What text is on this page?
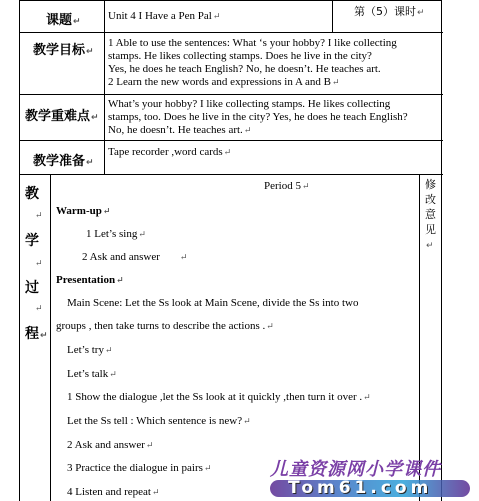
课题↵ Unit 4 I Have a Pen Pal↵	第（5）课时↵
教学目标↵
1 Able to use the sentences: What ‘s your hobby? I like collecting
stamps. He likes collecting stamps. Does he live in the city?
Yes, he does he teach English? No, he doesn’t. He teaches art.
2 Learn the new words and expressions in A and B↵
教学重难点↵
What’s your hobby? I like collecting stamps. He likes collecting
stamps, too. Does he live in the city? Yes, he does he teach English?
No, he doesn’t. He teaches art.↵
教学准备↵
Tape recorder ,word cards↵
教
↵
学
↵
过
↵
程↵
修
改
意
见↵
Period 5↵
Warm-up↵
1 Let’s sing↵
2 Ask and answer ↵
Presentation↵
Main Scene: Let the Ss look at Main Scene, divide the Ss into two
groups , then take turns to describe the actions .↵
Let’s try↵
Let’s talk↵
1 Show the dialogue ,let the Ss look at it quickly ,then turn it over .↵
Let the Ss tell : Which sentence is new?↵
2 Ask and answer↵
3 Practice the dialogue in pairs↵
4 Listen and repeat↵
儿童资源网小学课件
Tom61.com
